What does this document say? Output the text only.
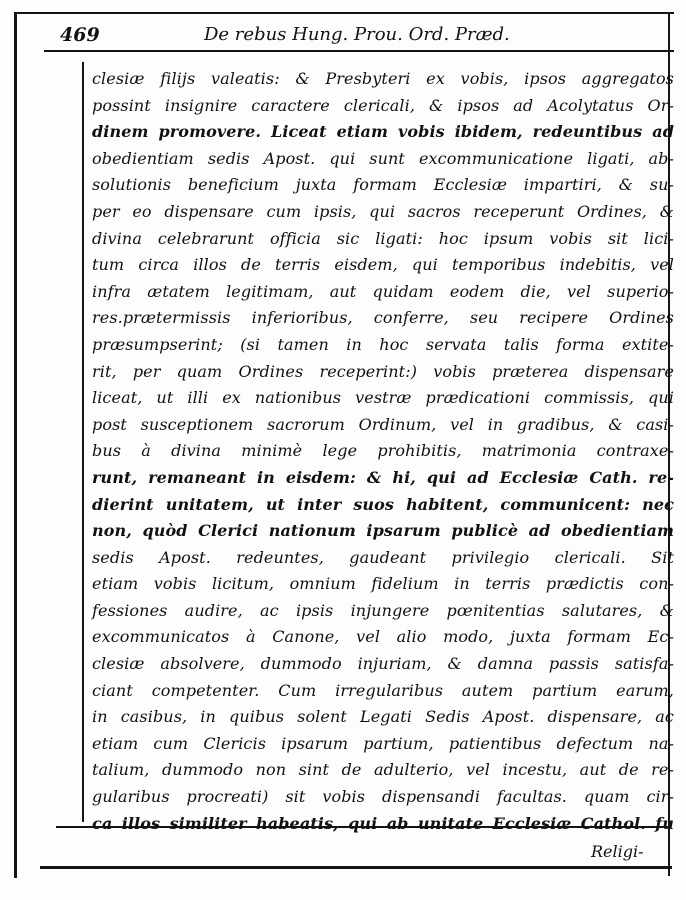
469	De rebus Hung. Prou. Ord. Præd.
clesiæ filijs valeatis: & Presbyteri ex vobis, ipsos aggregatos
possint insignire caractere clericali, & ipsos ad Acolytatus Or-
dinem promovere. Liceat etiam vobis ibidem, redeuntibus ad
obedientiam sedis Apost. qui sunt excommunicatione ligati, ab-
solutionis beneficium juxta formam Ecclesiæ impartiri, & su-
per eo dispensare cum ipsis, qui sacros receperunt Ordines, &
divina celebrarunt officia sic ligati: hoc ipsum vobis sit lici-
tum circa illos de terris eisdem, qui temporibus indebitis, vel
infra ætatem legitimam, aut quidam eodem die, vel superio-
res.prætermissis inferioribus, conferre, seu recipere Ordines
præsumpserint; (si tamen in hoc servata talis forma extite-
rit, per quam Ordines receperint:) vobis præterea dispensare
liceat, ut illi ex nationibus vestræ prædicationi commissis, qui
post susceptionem sacrorum Ordinum, vel in gradibus, & casi-
bus à divina minimè lege prohibitis, matrimonia contraxe-
runt, remaneant in eisdem: & hi, qui ad Ecclesiæ Cath. re-
dierint unitatem, ut inter suos habitent, communicent: nec
non, quòd Clerici nationum ipsarum publicè ad obedientiam
sedis Apost. redeuntes, gaudeant privilegio clericali. Sit
etiam vobis licitum, omnium fidelium in terris prædictis con-
fessiones audire, ac ipsis injungere pœnitentias salutares, &
excommunicatos à Canone, vel alio modo, juxta formam Ec-
clesiæ absolvere, dummodo injuriam, & damna passis satisfa-
ciant competenter. Cum irregularibus autem partium earum,
in casibus, in quibus solent Legati Sedis Apost. dispensare, ac
etiam cum Clericis ipsarum partium, patientibus defectum na-
talium, dummodo non sint de adulterio, vel incestu, aut de re-
gularibus procreati) sit vobis dispensandi facultas. quam cir-
ca illos similiter habeatis, qui ab unitate Ecclesiæ Cathol. fu
Religi-
